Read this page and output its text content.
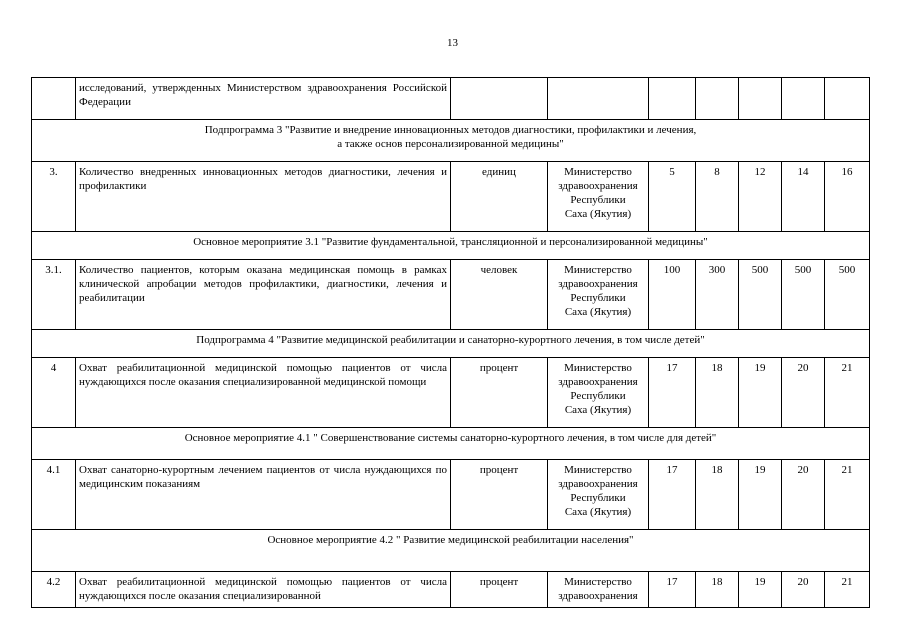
13
	исследований, утвержденных Министерством здравоохранения Российской Федерации							

Подпрограмма 3 "Развитие и внедрение инновационных методов диагностики, профилактики и лечения,
а также основ персонализированной медицины"								

3.	Количество внедренных инновационных методов диагностики, лечения и профилактики	единиц	Министерство
здравоохранения
Республики
Саха (Якутия)	5	8	12	14	16

Основное мероприятие 3.1 "Развитие фундаментальной, трансляционной и персонализированной медицины"								

3.1.	Количество пациентов, которым оказана медицинская помощь в рамках клинической апробации методов профилактики, диагностики, лечения и реабилитации	человек	Министерство
здравоохранения
Республики
Саха (Якутия)	100	300	500	500	500

Подпрограмма 4 "Развитие медицинской реабилитации и санаторно-курортного лечения, в том числе детей"								

4	Охват реабилитационной медицинской помощью пациентов от числа нуждающихся после оказания специализированной медицинской помощи	процент	Министерство
здравоохранения
Республики
Саха (Якутия)	17	18	19	20	21

Основное мероприятие 4.1 " Совершенствование системы санаторно-курортного лечения, в том числе для детей"								

4.1	Охват санаторно-курортным лечением пациентов от числа нуждающихся по медицинским показаниям	процент	Министерство
здравоохранения
Республики
Саха (Якутия)	17	18	19	20	21

Основное мероприятие 4.2 " Развитие медицинской реабилитации населения"								

4.2	Охват реабилитационной медицинской помощью пациентов от числа нуждающихся после оказания специализированной	процент	Министерство
здравоохранения	17	18	19	20	21
